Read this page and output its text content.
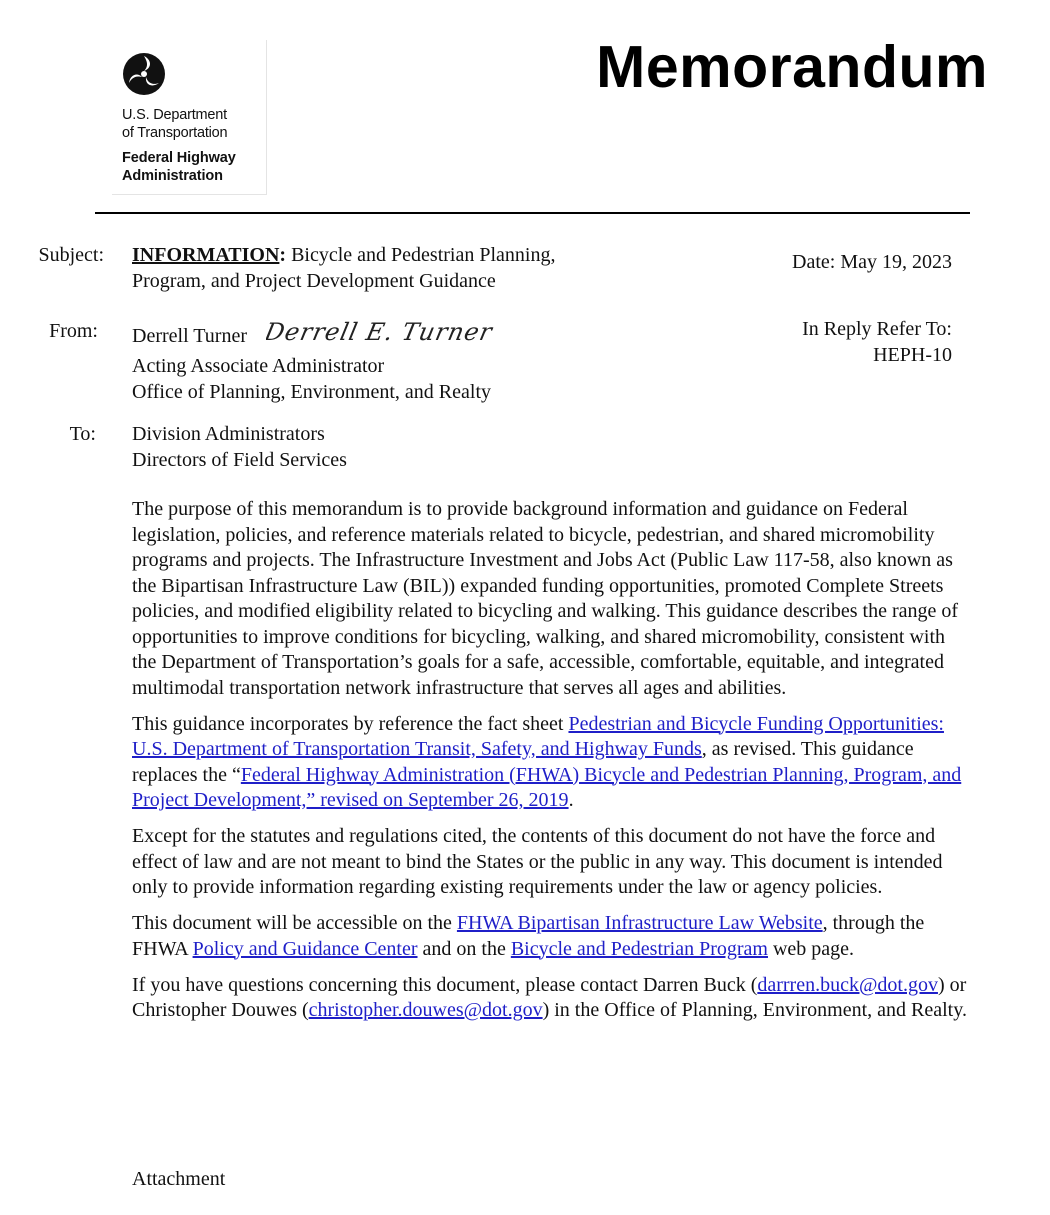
U.S. Department
of Transportation
Federal Highway
Administration
Memorandum
Subject: INFORMATION: Bicycle and Pedestrian Planning,
Program, and Project Development Guidance
Date: May 19, 2023
From: Derrell Turner Derrell E. Turner
Acting Associate Administrator
Office of Planning, Environment, and Realty
In Reply Refer To:
HEPH-10
To: Division Administrators
Directors of Field Services

The purpose of this memorandum is to provide background information and guidance on Federal legislation, policies, and reference materials related to bicycle, pedestrian, and shared micromobility programs and projects. The Infrastructure Investment and Jobs Act (Public Law 117-58, also known as the Bipartisan Infrastructure Law (BIL)) expanded funding opportunities, promoted Complete Streets policies, and modified eligibility related to bicycling and walking. This guidance describes the range of opportunities to improve conditions for bicycling, walking, and shared micromobility, consistent with the Department of Transportation’s goals for a safe, accessible, comfortable, equitable, and integrated multimodal transportation network infrastructure that serves all ages and abilities.

This guidance incorporates by reference the fact sheet Pedestrian and Bicycle Funding Opportunities: U.S. Department of Transportation Transit, Safety, and Highway Funds, as revised. This guidance replaces the “Federal Highway Administration (FHWA) Bicycle and Pedestrian Planning, Program, and Project Development,” revised on September 26, 2019.

Except for the statutes and regulations cited, the contents of this document do not have the force and effect of law and are not meant to bind the States or the public in any way. This document is intended only to provide information regarding existing requirements under the law or agency policies.

This document will be accessible on the FHWA Bipartisan Infrastructure Law Website, through the FHWA Policy and Guidance Center and on the Bicycle and Pedestrian Program web page.

If you have questions concerning this document, please contact Darren Buck (darrren.buck@dot.gov) or Christopher Douwes (christopher.douwes@dot.gov) in the Office of Planning, Environment, and Realty.

Attachment
